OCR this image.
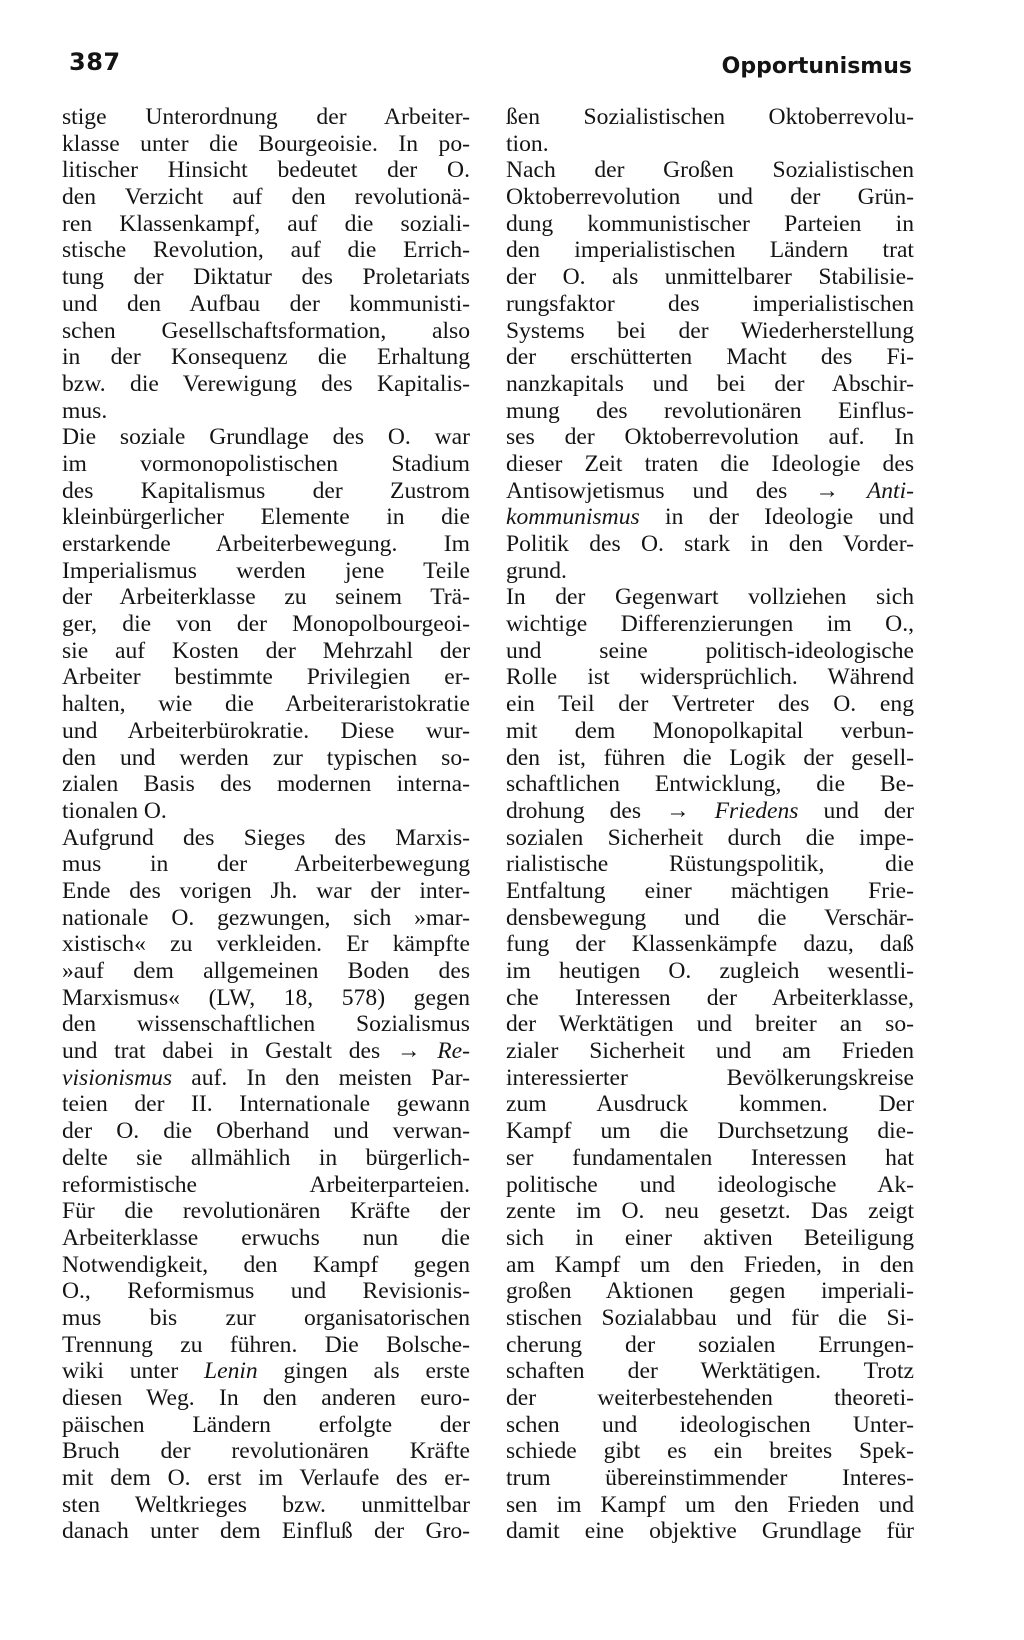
387	Opportunismus
stige Unterordnung der Arbeiter-
klasse unter die Bourgeoisie. In po-
litischer Hinsicht bedeutet der O.
den Verzicht auf den revolutionä-
ren Klassenkampf, auf die soziali-
stische Revolution, auf die Errich-
tung der Diktatur des Proletariats
und den Aufbau der kommunisti-
schen Gesellschaftsformation, also
in der Konsequenz die Erhaltung
bzw. die Verewigung des Kapitalis-
mus.
Die soziale Grundlage des O. war
im vormonopolistischen Stadium
des Kapitalismus der Zustrom
kleinbürgerlicher Elemente in die
erstarkende Arbeiterbewegung. Im
Imperialismus werden jene Teile
der Arbeiterklasse zu seinem Trä-
ger, die von der Monopolbourgeoi-
sie auf Kosten der Mehrzahl der
Arbeiter bestimmte Privilegien er-
halten, wie die Arbeiteraristokratie
und Arbeiterbürokratie. Diese wur-
den und werden zur typischen so-
zialen Basis des modernen interna-
tionalen O.
Aufgrund des Sieges des Marxis-
mus in der Arbeiterbewegung
Ende des vorigen Jh. war der inter-
nationale O. gezwungen, sich »mar-
xistisch« zu verkleiden. Er kämpfte
»auf dem allgemeinen Boden des
Marxismus« (LW, 18, 578) gegen
den wissenschaftlichen Sozialismus
und trat dabei in Gestalt des → Re-
visionismus auf. In den meisten Par-
teien der II. Internationale gewann
der O. die Oberhand und verwan-
delte sie allmählich in bürgerlich-
reformistische Arbeiterparteien.
Für die revolutionären Kräfte der
Arbeiterklasse erwuchs nun die
Notwendigkeit, den Kampf gegen
O., Reformismus und Revisionis-
mus bis zur organisatorischen
Trennung zu führen. Die Bolsche-
wiki unter Lenin gingen als erste
diesen Weg. In den anderen euro-
päischen Ländern erfolgte der
Bruch der revolutionären Kräfte
mit dem O. erst im Verlaufe des er-
sten Weltkrieges bzw. unmittelbar
danach unter dem Einfluß der Gro-
ßen Sozialistischen Oktoberrevolu-
tion.
Nach der Großen Sozialistischen
Oktoberrevolution und der Grün-
dung kommunistischer Parteien in
den imperialistischen Ländern trat
der O. als unmittelbarer Stabilisie-
rungsfaktor des imperialistischen
Systems bei der Wiederherstellung
der erschütterten Macht des Fi-
nanzkapitals und bei der Abschir-
mung des revolutionären Einflus-
ses der Oktoberrevolution auf. In
dieser Zeit traten die Ideologie des
Antisowjetismus und des → Anti-
kommunismus in der Ideologie und
Politik des O. stark in den Vorder-
grund.
In der Gegenwart vollziehen sich
wichtige Differenzierungen im O.,
und seine politisch-ideologische
Rolle ist widersprüchlich. Während
ein Teil der Vertreter des O. eng
mit dem Monopolkapital verbun-
den ist, führen die Logik der gesell-
schaftlichen Entwicklung, die Be-
drohung des → Friedens und der
sozialen Sicherheit durch die impe-
rialistische Rüstungspolitik, die
Entfaltung einer mächtigen Frie-
densbewegung und die Verschär-
fung der Klassenkämpfe dazu, daß
im heutigen O. zugleich wesentli-
che Interessen der Arbeiterklasse,
der Werktätigen und breiter an so-
zialer Sicherheit und am Frieden
interessierter Bevölkerungskreise
zum Ausdruck kommen. Der
Kampf um die Durchsetzung die-
ser fundamentalen Interessen hat
politische und ideologische Ak-
zente im O. neu gesetzt. Das zeigt
sich in einer aktiven Beteiligung
am Kampf um den Frieden, in den
großen Aktionen gegen imperiali-
stischen Sozialabbau und für die Si-
cherung der sozialen Errungen-
schaften der Werktätigen. Trotz
der weiterbestehenden theoreti-
schen und ideologischen Unter-
schiede gibt es ein breites Spek-
trum übereinstimmender Interes-
sen im Kampf um den Frieden und
damit eine objektive Grundlage für
